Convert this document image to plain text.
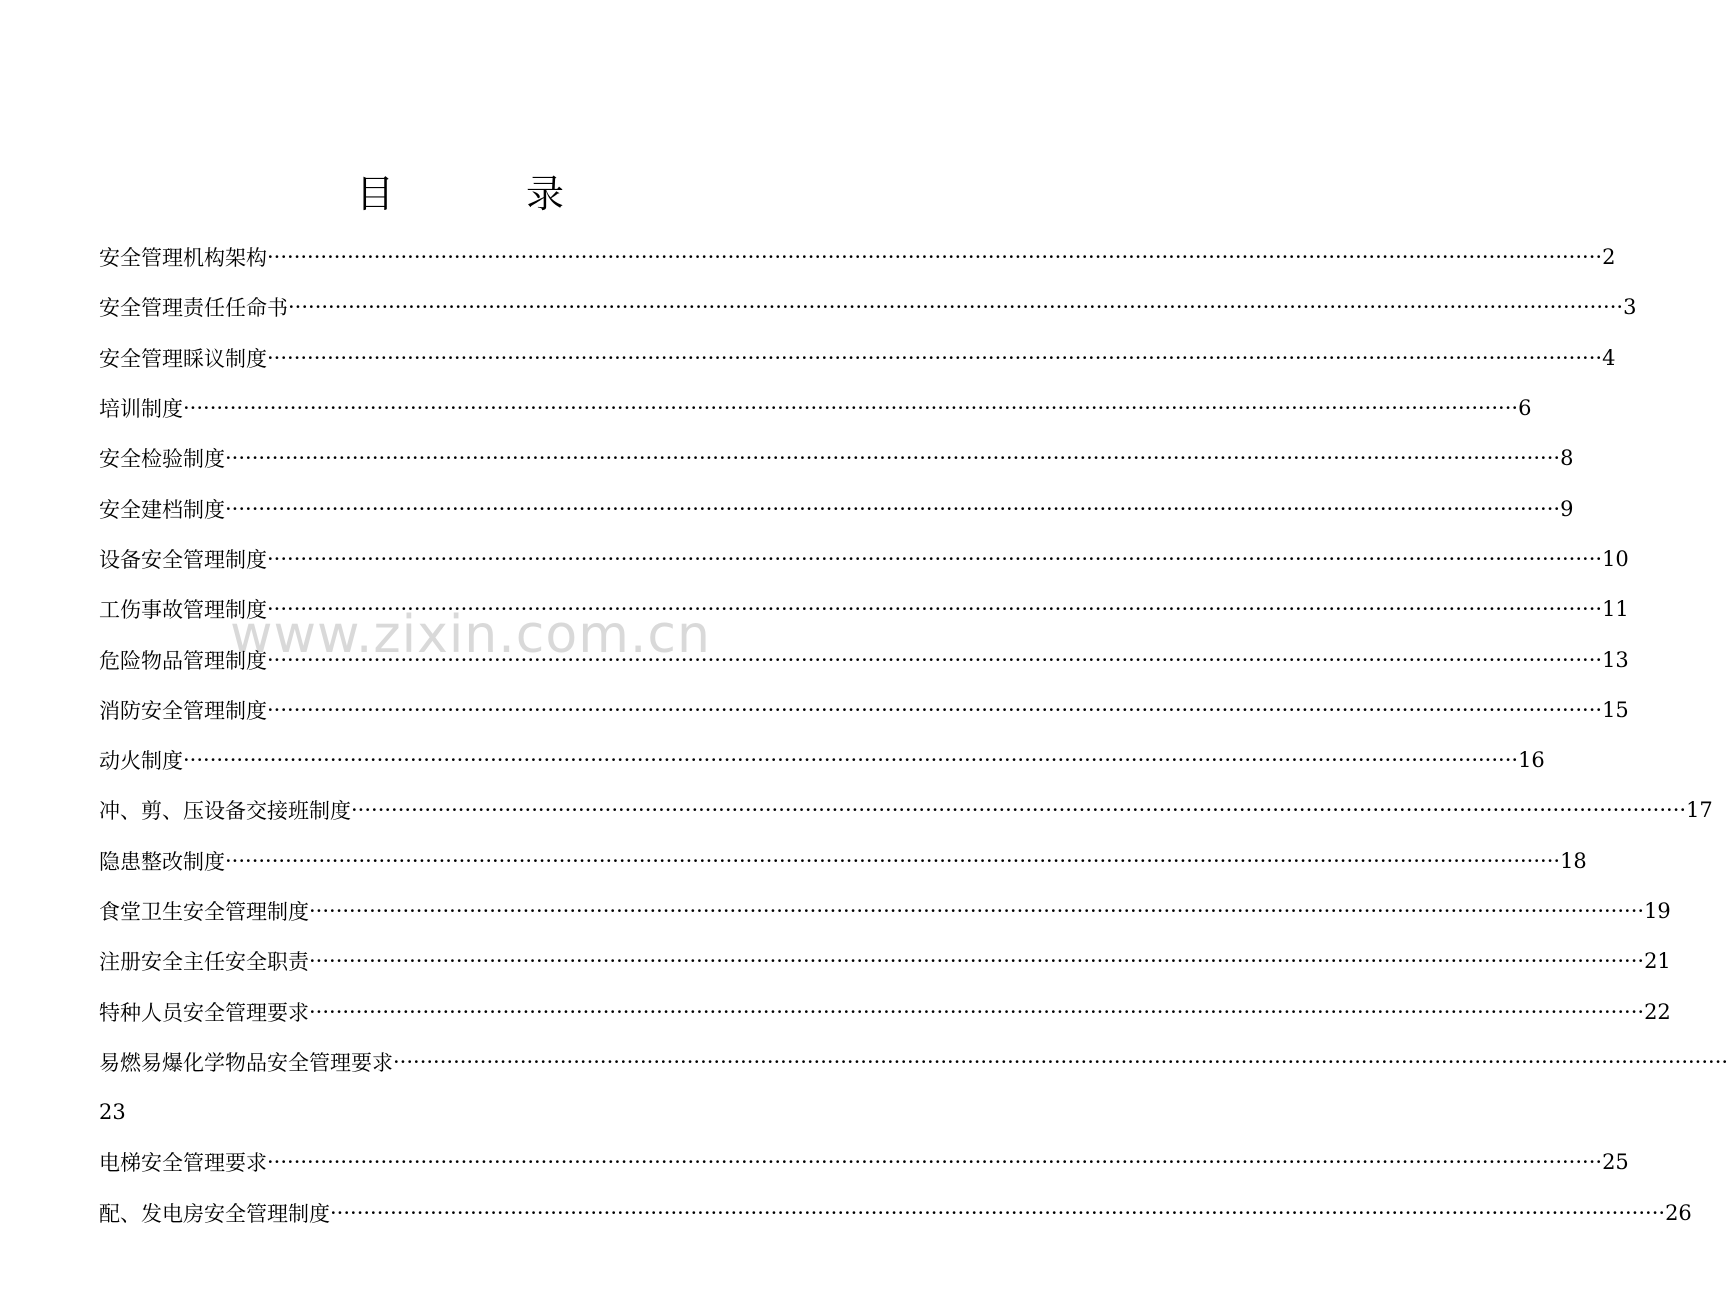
目 录
www.zixin.com.cn
安全管理机构架构 ········································································································································································································ 2
安全管理责任任命书 ········································································································································································································ 3
安全管理睬议制度 ········································································································································································································ 4
培训制度 ········································································································································································································ 6
安全检验制度 ········································································································································································································ 8
安全建档制度 ········································································································································································································ 9
设备安全管理制度 ········································································································································································································ 10
工伤事故管理制度 ········································································································································································································ 11
危险物品管理制度 ········································································································································································································ 13
消防安全管理制度 ········································································································································································································ 15
动火制度 ········································································································································································································ 16
冲、剪、压设备交接班制度 ········································································································································································································ 17
隐患整改制度 ········································································································································································································ 18
食堂卫生安全管理制度 ········································································································································································································ 19
注册安全主任安全职责 ········································································································································································································ 21
特种人员安全管理要求 ········································································································································································································ 22
易燃易爆化学物品安全管理要求 ········································································································································································································
23
电梯安全管理要求 ········································································································································································································ 25
配、发电房安全管理制度 ········································································································································································································ 26
